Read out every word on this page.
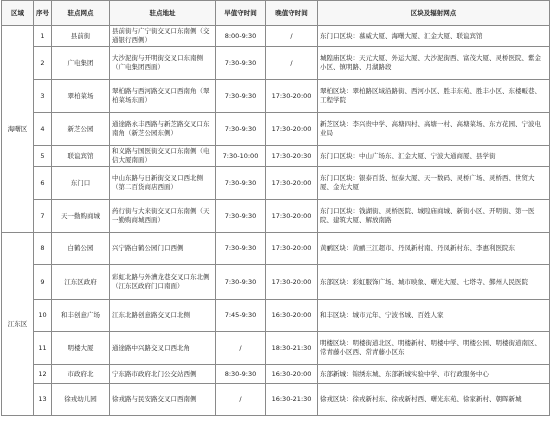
区域	序号	驻点网点	驻点地址	早值守时间	晚值守时间	区块及辐射网点
海曙区	1	县前街	县前街与广宁街交叉口东南侧（交通银行西侧）	8:00-9:30	/	东门口区块：慕威大厦、海曙大厦、汇金大厦、联谊宾馆
	2	广电集团	大沙泥街与开明街交叉口东南侧（广电集团西面）	7:30-9:30	/	城隍庙区块：天元大厦、外运大厦、大沙泥街西、富茂大厦、灵桥医院、紫金小区、镇明路、月湖路段
	3	翠柏菜场	翠柏路与西河路交叉口西南角（翠柏菜场东面）	7:30-9:30	17:30-20:00	翠柏区块：翠柏路区域沿路街、西河小区、胜丰东苑、胜丰小区、东楼畈巷、工程学院
	4	新芝公园	通途路永丰西路与新芝路交叉口东南角（新芝公园东侧）	7:30-9:30	17:30-20:00	新芝区块：李兴贵中学、高塘四村、高塘一村、高塘菜场、东方花园、宁波电业局
	5	联谊宾馆	和义路与国医街交叉口东南侧（电信大厦南面）	7:30-10:00	17:30-20:30	东门口区块：中山广场东、汇金大厦、宁波大通商厦、县学街
	6	东门口	中山东路与日新街交叉口西北侧（第二百货商店西面）	7:30-9:30	17:30-20:00	东门口区块：银泰百货、恒泰大厦、天一数码、灵桥广场、灵桥西、世贸大厦、金光大厦
	7	天一勤购商城	药行街与大来街交叉口东南侧（天一勤购商城西面）	7:30-9:30	17:30-20:00	东门口区块：钱湖街、灵桥医院、城隍庙商城、新街小区、开明街、第一医院、建筑大厦、解放南路
江东区	8	白鹤公园	兴宁路白鹤公园门口西侧	7:30-9:30	17:30-20:00	黄鹂区块：黄鹂三江超市、丹凤新村南、丹凤新村东、李惠利医院东
	9	江东区政府	彩虹北路与外漕龙巷交叉口东北侧（江东区政府门口南面）	7:30-9:30	17:30-20:00	东部区块：彩虹服饰广场、城市映象、曙光大厦、七塔寺、鄞州人民医院
	10	和丰创意广场	江东北路创意路交叉口北侧	7:45-9:30	16:30-20:00	和丰区块：城市元年、宁波书城、百姓人家
	11	明楼大厦	通途路中兴路交叉口西北角	/	18:30-21:30	明楼区块：明楼街道北区、明楼新村、明楼中学、明楼公园、明楼街道南区、常青藤小区西、常青藤小区东
	12	市政府北	宁东路市政府北门公交站西侧	8:30-9:30	16:30-20:00	东部新城：锦绣东城、东部新城实验中学、市行政服务中心
	13	徐戎幼儿园	徐戎路与民安路交叉口西南侧	/	16:30-21:30	徐戎区块：徐戎新村东、徐戎新村西、曙光东苑、徐家新村、朝晖新城
